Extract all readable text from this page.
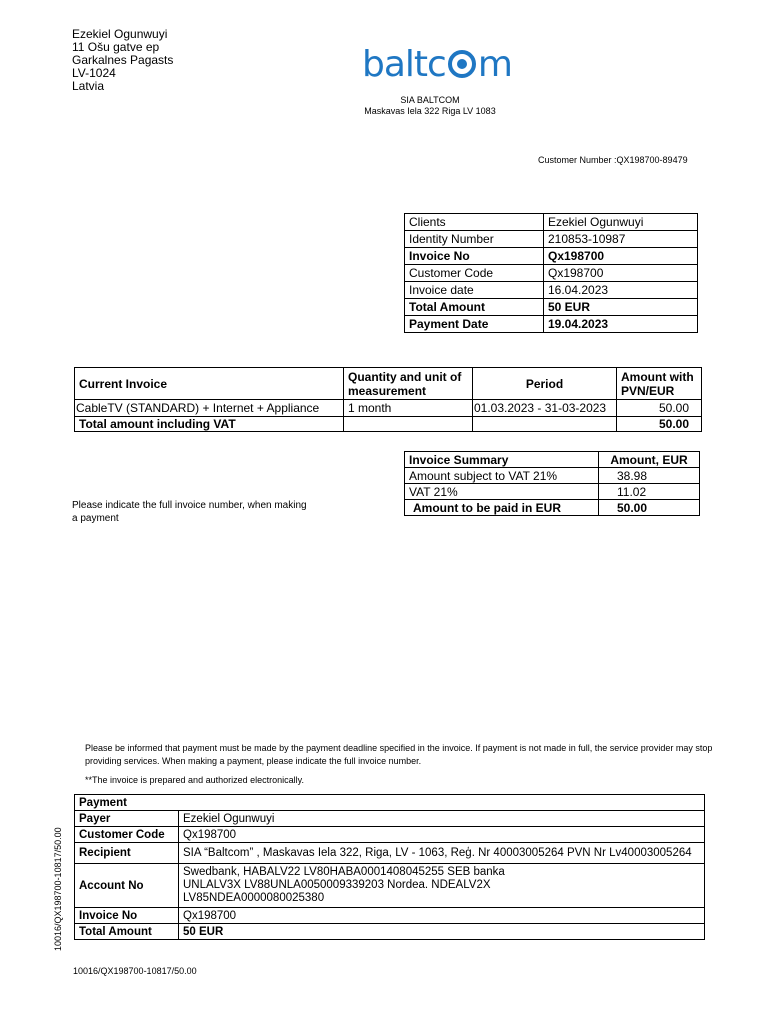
Ezekiel Ogunwuyi
11 Ošu gatve ep
Garkalnes Pagasts
LV-1024
Latvia
baltc m
SIA BALTCOM
Maskavas Iela 322 Riga LV 1083
Customer Number :QX198700-89479
Clients	Ezekiel Ogunwuyi
Identity Number	210853-10987
Invoice No	Qx198700
Customer Code	Qx198700
Invoice date	16.04.2023
Total Amount	50 EUR
Payment Date	19.04.2023
Current Invoice	Quantity and unit of measurement	Period	Amount with PVN/EUR
CableTV (STANDARD) + Internet + Appliance	1 month	01.03.2023 - 31-03-2023	50.00
Total amount including VAT			50.00
Invoice Summary	Amount, EUR
Amount subject to VAT 21%	38.98
VAT 21%	11.02
Amount to be paid in EUR	50.00
Please indicate the full invoice number, when making a payment
Please be informed that payment must be made by the payment deadline specified in the invoice. If payment is not made in full, the service provider may stop providing services. When making a payment, please indicate the full invoice number.
**The invoice is prepared and authorized electronically.
Payment	
Payer	Ezekiel Ogunwuyi
Customer Code	Qx198700
Recipient	SIA “Baltcom” , Maskavas Iela 322, Riga, LV - 1063, Reģ. Nr 40003005264 PVN Nr Lv40003005264
Account No	Swedbank, HABALV22 LV80HABA0001408045255 SEB banka UNLALV3X LV88UNLA0050009339203 Nordea. NDEALV2X LV85NDEA0000080025380
Invoice No	Qx198700
Total Amount	50 EUR
10016/QX198700-10817/50.00
10016/QX198700-10817/50.00
